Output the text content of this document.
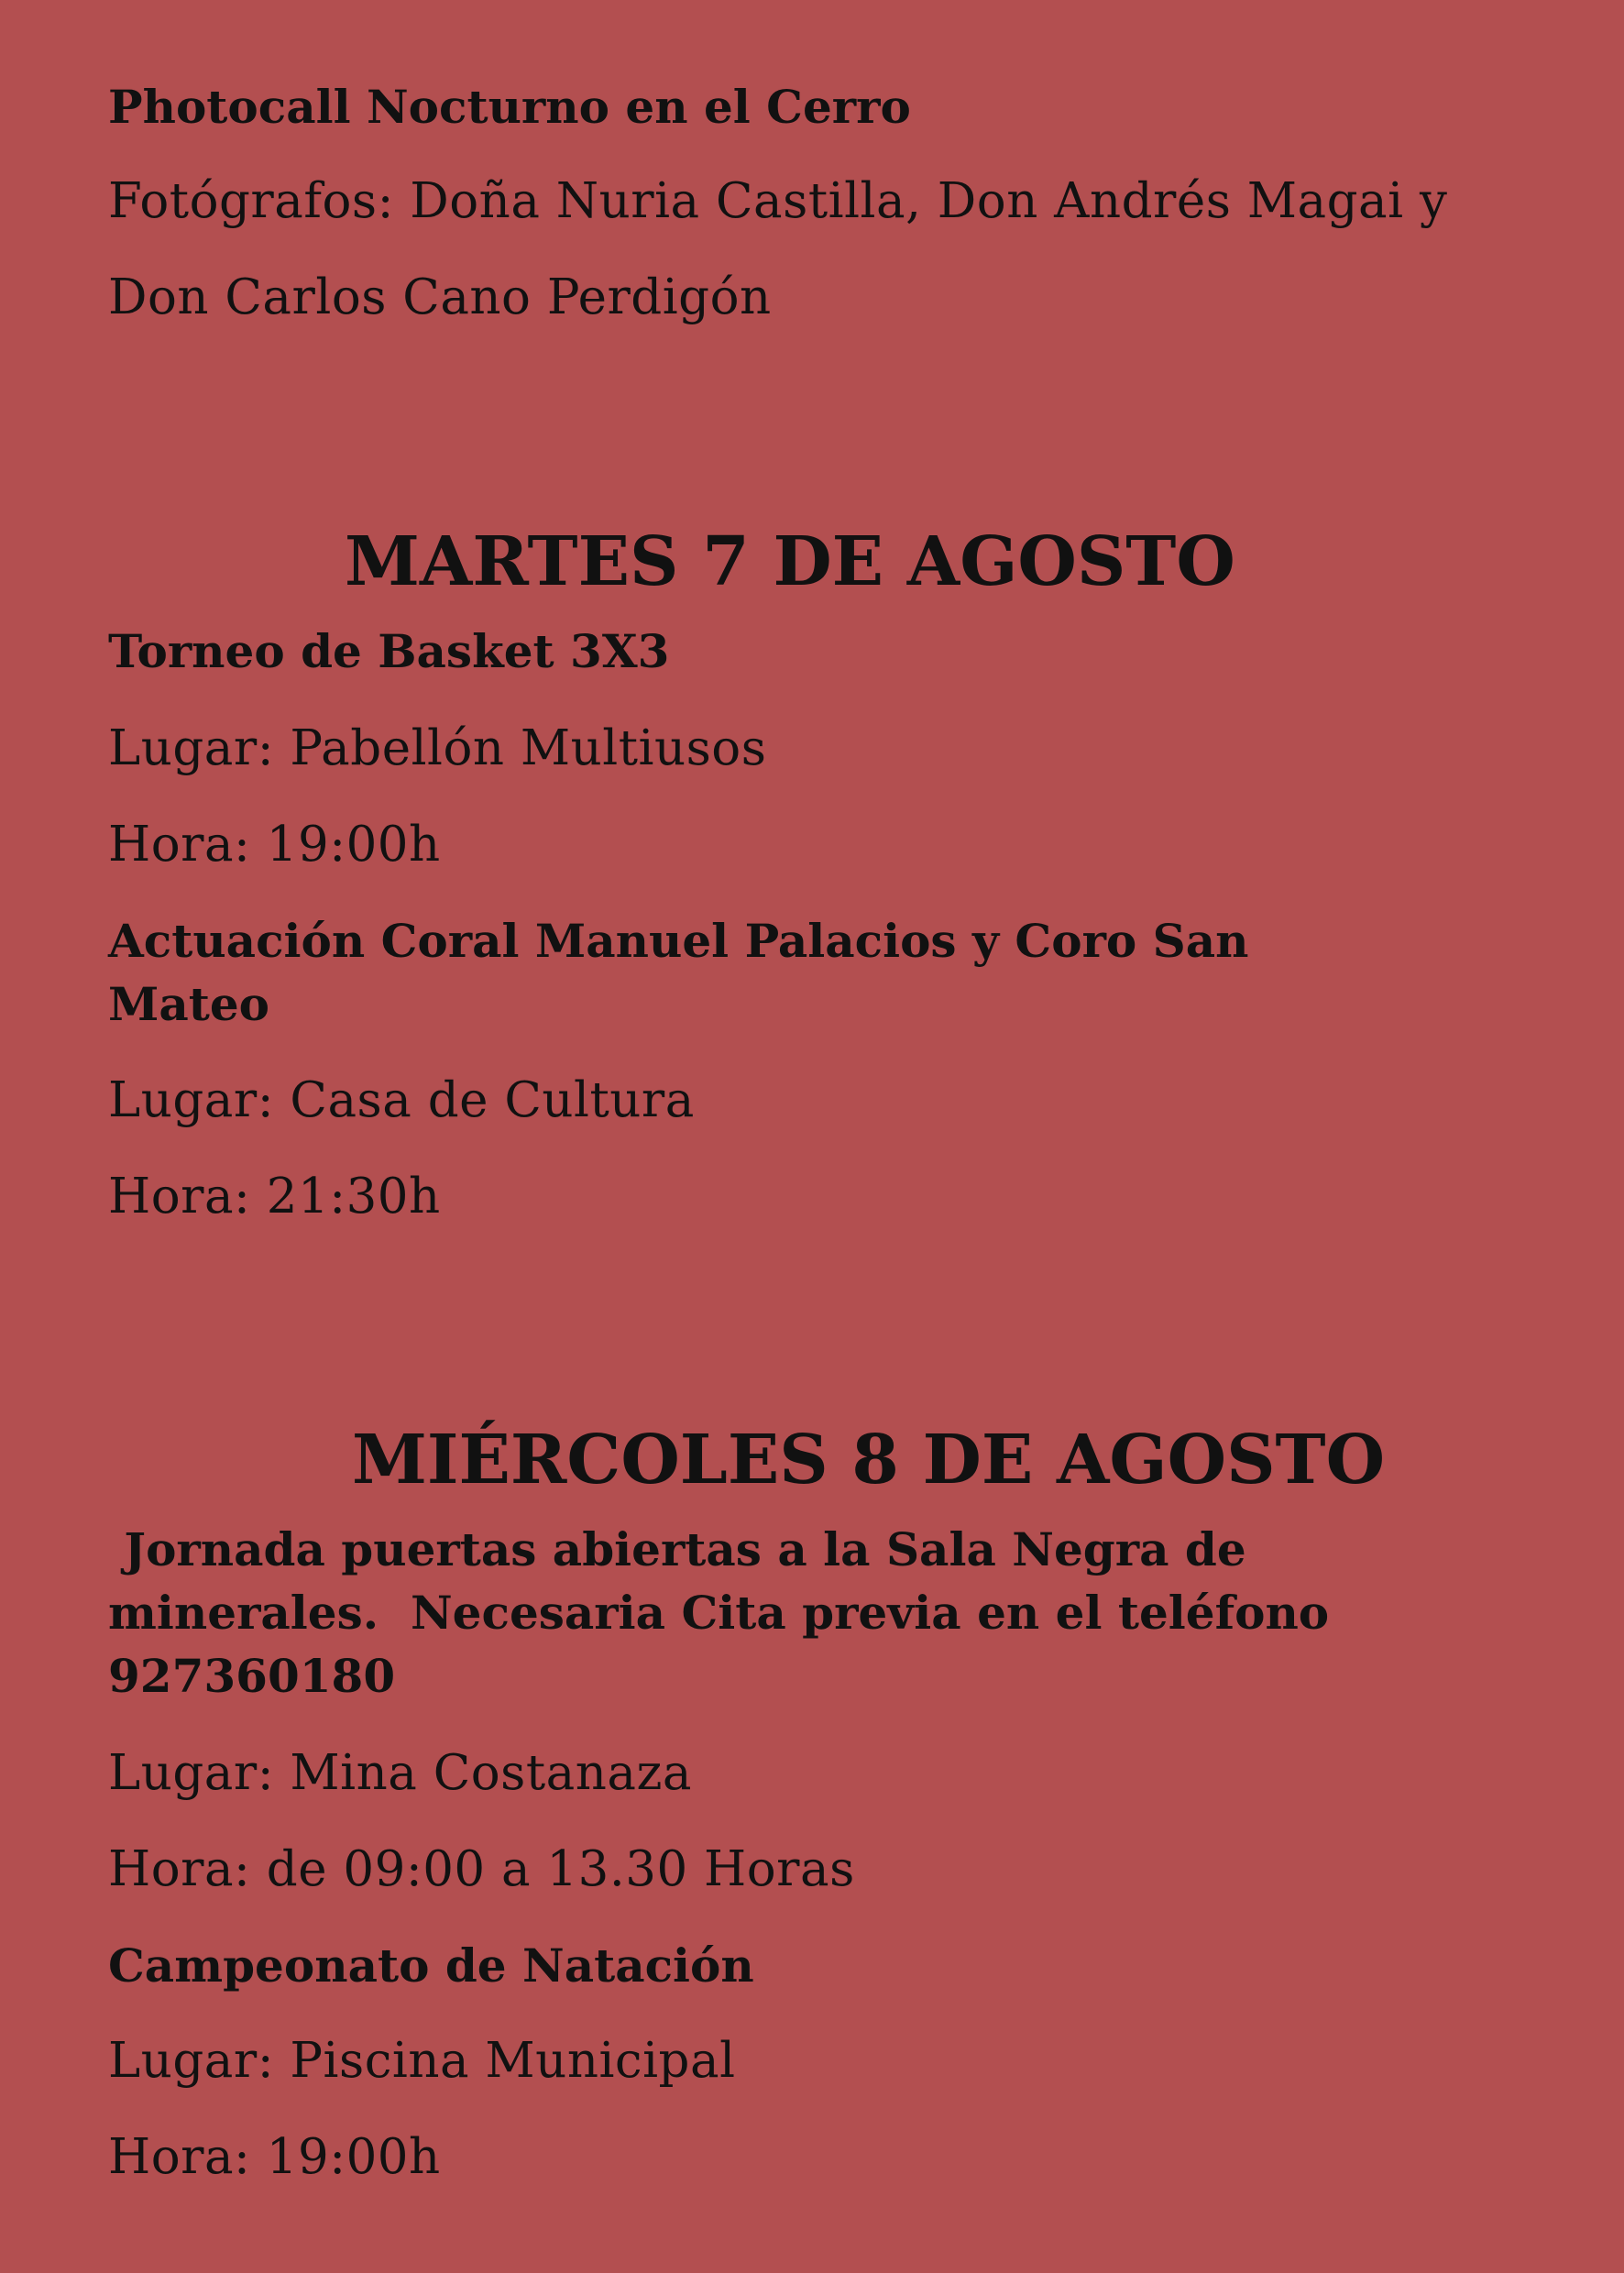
Photocall Nocturno en el Cerro

Fotógrafos: Doña Nuria Castilla, Don Andrés Magai y

Don Carlos Cano Perdigón

MARTES 7 DE AGOSTO

Torneo de Basket 3X3

Lugar: Pabellón Multiusos

Hora: 19:00h

Actuación Coral Manuel Palacios y Coro San

Mateo

Lugar: Casa de Cultura

Hora: 21:30h

MIÉRCOLES 8 DE AGOSTO

Jornada puertas abiertas a la Sala Negra de

minerales.  Necesaria Cita previa en el teléfono

927360180

Lugar: Mina Costanaza

Hora: de 09:00 a 13.30 Horas

Campeonato de Natación

Lugar: Piscina Municipal

Hora: 19:00h
